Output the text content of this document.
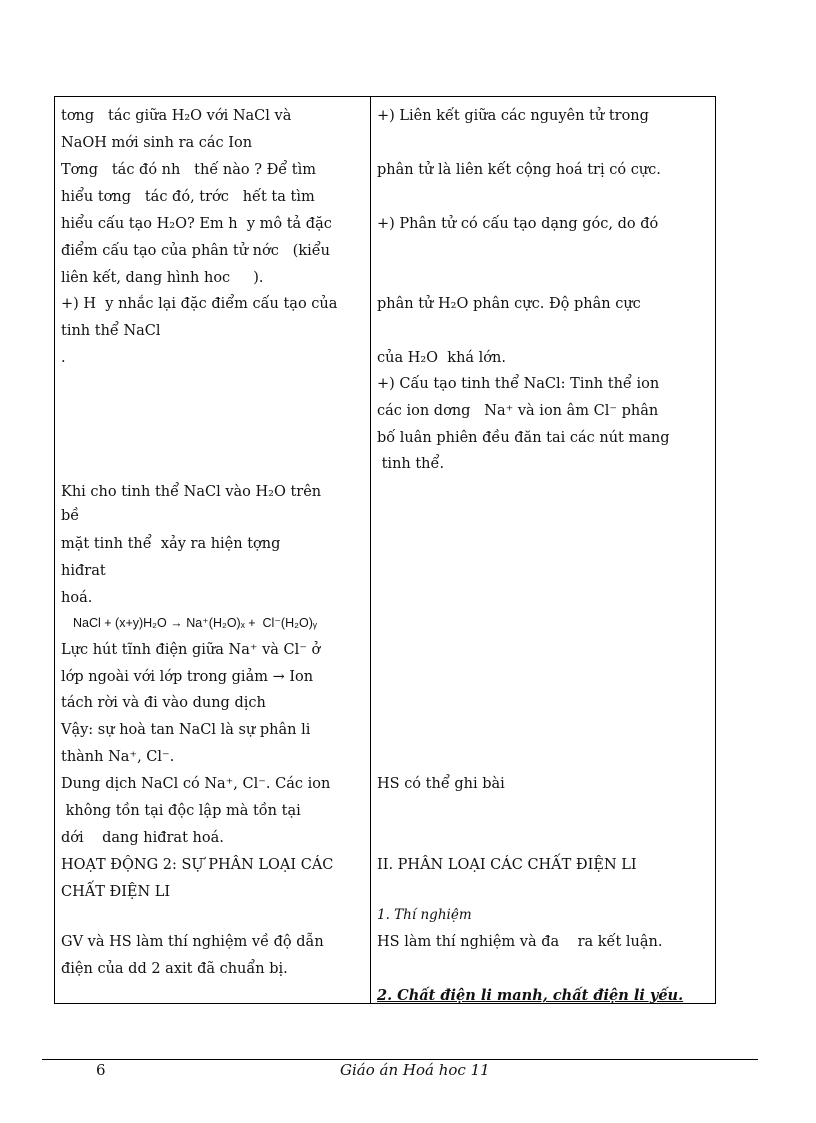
tơng   tác giữa H₂O với NaCl và
NaOH mới sinh ra các Ion
Tơng   tác đó nh   thế nào ? Để tìm
hiểu tơng   tác đó, trớc   hết ta tìm
hiểu cấu tạo H₂O? Em h  y mô tả đặc
điểm cấu tạo của phân tử nớc   (kiểu
liên kết, dang hình hoc     ).
+) H  y nhắc lại đặc điểm cấu tạo của
tinh thể NaCl
.
Khi cho tinh thể NaCl vào H₂O trên
bề
mặt tinh thể  xảy ra hiện tợng
hiđrat
hoá.
NaCl + (x+y)H₂O → Na⁺(H₂O)ₓ +  Cl⁻(H₂O)ᵧ
Lực hút tĩnh điện giữa Na⁺ và Cl⁻ ở
lớp ngoài với lớp trong giảm → Ion
tách rời và đi vào dung dịch
Vậy: sự hoà tan NaCl là sự phân li
thành Na⁺, Cl⁻.
Dung dịch NaCl có Na⁺, Cl⁻. Các ion
không tồn tại độc lập mà tồn tại
dới    dang hiđrat hoá.
HOẠT ĐỘNG 2: SỰ PHÂN LOẠI CÁC
CHẤT ĐIỆN LI
GV và HS làm thí nghiệm về độ dẫn
điện của dd 2 axit đã chuẩn bị.
+) Liên kết giữa các nguyên tử trong
phân tử là liên kết cộng hoá trị có cực.
+) Phân tử có cấu tạo dạng góc, do đó
phân tử H₂O phân cực. Độ phân cực
của H₂O  khá lớn.
+) Cấu tạo tinh thể NaCl: Tinh thể ion
các ion dơng   Na⁺ và ion âm Cl⁻ phân
bố luân phiên đều đăn tai các nút mang
tinh thể.
HS có thể ghi bài
II. PHÂN LOẠI CÁC CHẤT ĐIỆN LI
1. Thí nghiệm
HS làm thí nghiệm và đa    ra kết luận.
2. Chất điện li manh, chất điện li yếu.
6	Giáo án Hoá hoc 11
